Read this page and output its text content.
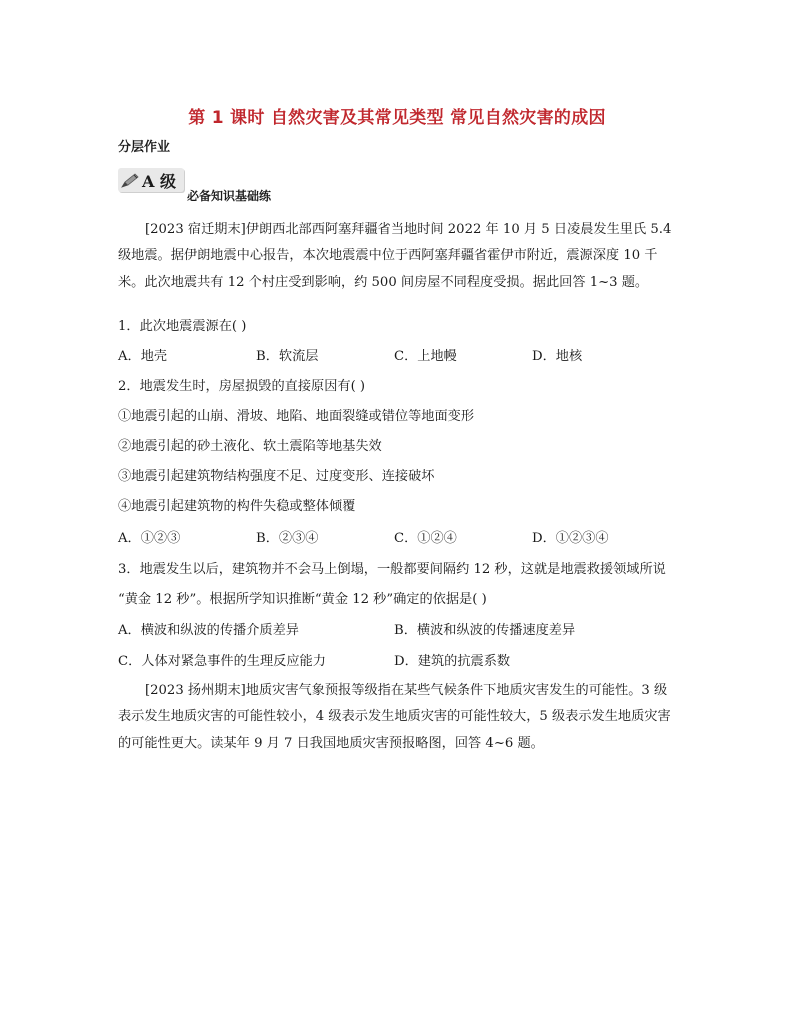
第 1 课时 自然灾害及其常见类型 常见自然灾害的成因
分层作业
A 级
必备知识基础练

[2023 宿迁期末]伊朗西北部西阿塞拜疆省当地时间 2022 年 10 月 5 日凌晨发生里氏 5.4 级地震。据伊朗地震中心报告，本次地震震中位于西阿塞拜疆省霍伊市附近，震源深度 10 千米。此次地震共有 12 个村庄受到影响，约 500 间房屋不同程度受损。据此回答 1~3 题。

1．此次地震震源在( )
A．地壳	B．软流层	C．上地幔	D．地核
2．地震发生时，房屋损毁的直接原因有( )
①地震引起的山崩、滑坡、地陷、地面裂缝或错位等地面变形
②地震引起的砂土液化、软土震陷等地基失效
③地震引起建筑物结构强度不足、过度变形、连接破坏
④地震引起建筑物的构件失稳或整体倾覆
A．①②③	B．②③④	C．①②④	D．①②③④
3．地震发生以后，建筑物并不会马上倒塌，一般都要间隔约 12 秒，这就是地震救援领域所说
“黄金 12 秒”。根据所学知识推断“黄金 12 秒”确定的依据是( )
A．横波和纵波的传播介质差异	B．横波和纵波的传播速度差异
C．人体对紧急事件的生理反应能力	D．建筑的抗震系数

[2023 扬州期末]地质灾害气象预报等级指在某些气候条件下地质灾害发生的可能性。3 级表示发生地质灾害的可能性较小，4 级表示发生地质灾害的可能性较大，5 级表示发生地质灾害的可能性更大。读某年 9 月 7 日我国地质灾害预报略图，回答 4~6 题。
